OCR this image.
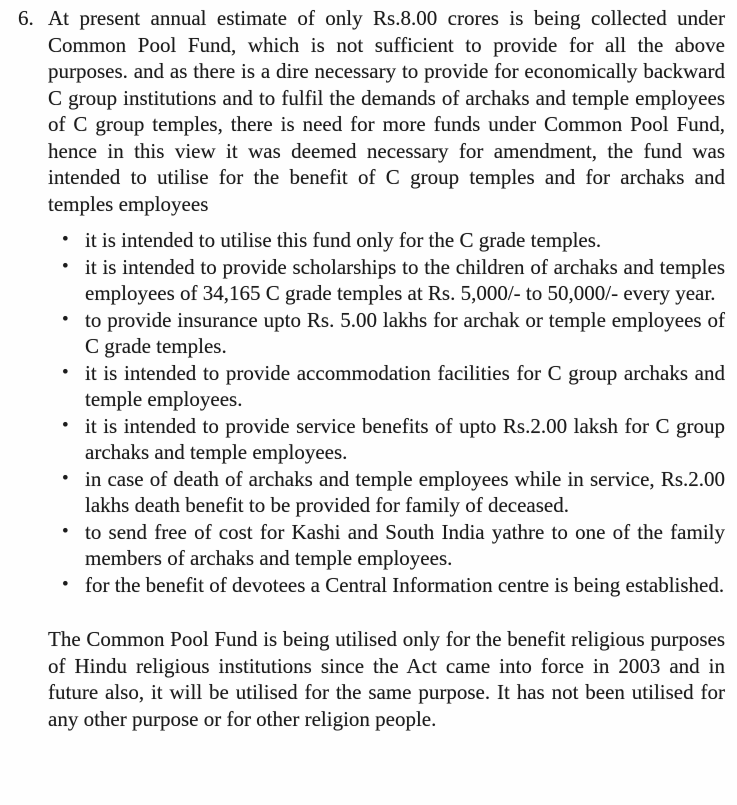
6. At present annual estimate of only Rs.8.00 crores is being collected under Common Pool Fund, which is not sufficient to provide for all the above purposes. and as there is a dire necessary to provide for economically backward C group institutions and to fulfil the demands of archaks and temple employees of C group temples, there is need for more funds under Common Pool Fund, hence in this view it was deemed necessary for amendment, the fund was intended to utilise for the benefit of C group temples and for archaks and temples employees
• it is intended to utilise this fund only for the C grade temples.
• it is intended to provide scholarships to the children of archaks and temples employees of 34,165 C grade temples at Rs. 5,000/- to 50,000/- every year.
• to provide insurance upto Rs. 5.00 lakhs for archak or temple employees of C grade temples.
• it is intended to provide accommodation facilities for C group archaks and temple employees.
• it is intended to provide service benefits of upto Rs.2.00 laksh for C group archaks and temple employees.
• in case of death of archaks and temple employees while in service, Rs.2.00 lakhs death benefit to be provided for family of deceased.
• to send free of cost for Kashi and South India yathre to one of the family members of archaks and temple employees.
• for the benefit of devotees a Central Information centre is being established.

The Common Pool Fund is being utilised only for the benefit religious purposes of Hindu religious institutions since the Act came into force in 2003 and in future also, it will be utilised for the same purpose. It has not been utilised for any other purpose or for other religion people.
